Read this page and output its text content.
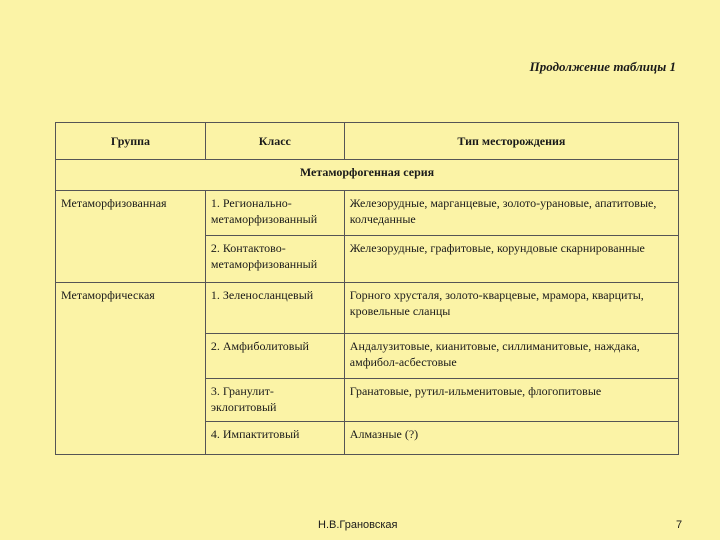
Продолжение таблицы 1
Группа	Класс	Тип месторождения
Метаморфогенная серия		
Метаморфизованная	1. Регионально-метаморфизованный	Железорудные, марганцевые, золото-урановые, апатитовые, колчеданные
	2. Контактово-метаморфизованный	Железорудные, графитовые, корундовые скарнированные
Метаморфическая	1. Зеленосланцевый	Горного хрусталя, золото-кварцевые, мрамора, кварциты, кровельные сланцы
	2. Амфиболитовый	Андалузитовые, кианитовые, силлиманитовые, наждака, амфибол-асбестовые
	3. Гранулит-эклогитовый	Гранатовые, рутил-ильменитовые, флогопитовые
	4. Импактитовый	Алмазные (?)
Н.В.Грановская	7
